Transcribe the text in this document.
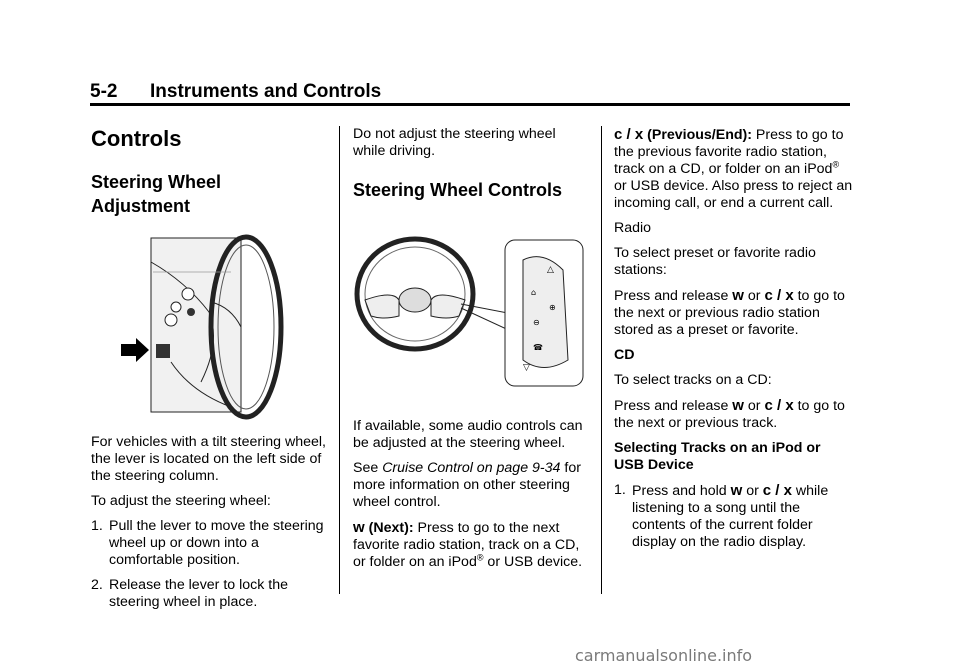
5-2 Instruments and Controls
Controls
Steering Wheel
Adjustment

For vehicles with a tilt steering wheel, the lever is located on the left side of the steering column.

To adjust the steering wheel:

1. Pull the lever to move the steering wheel up or down into a comfortable position.
2. Release the lever to lock the steering wheel in place.

Do not adjust the steering wheel while driving.

Steering Wheel Controls
△
⌂
⊕
⊖
☎
▽

If available, some audio controls can be adjusted at the steering wheel.

See Cruise Control on page 9-34 for more information on other steering wheel control.

w (Next): Press to go to the next favorite radio station, track on a CD, or folder on an iPod® or USB device.

c / x (Previous/End): Press to go to the previous favorite radio station, track on a CD, or folder on an iPod® or USB device. Also press to reject an incoming call, or end a current call.

Radio

To select preset or favorite radio stations:

Press and release w or c / x to go to the next or previous radio station stored as a preset or favorite.

CD

To select tracks on a CD:

Press and release w or c / x to go to the next or previous track.

Selecting Tracks on an iPod or USB Device

1. Press and hold w or c / x while listening to a song until the contents of the current folder display on the radio display.
carmanualsonline.info
